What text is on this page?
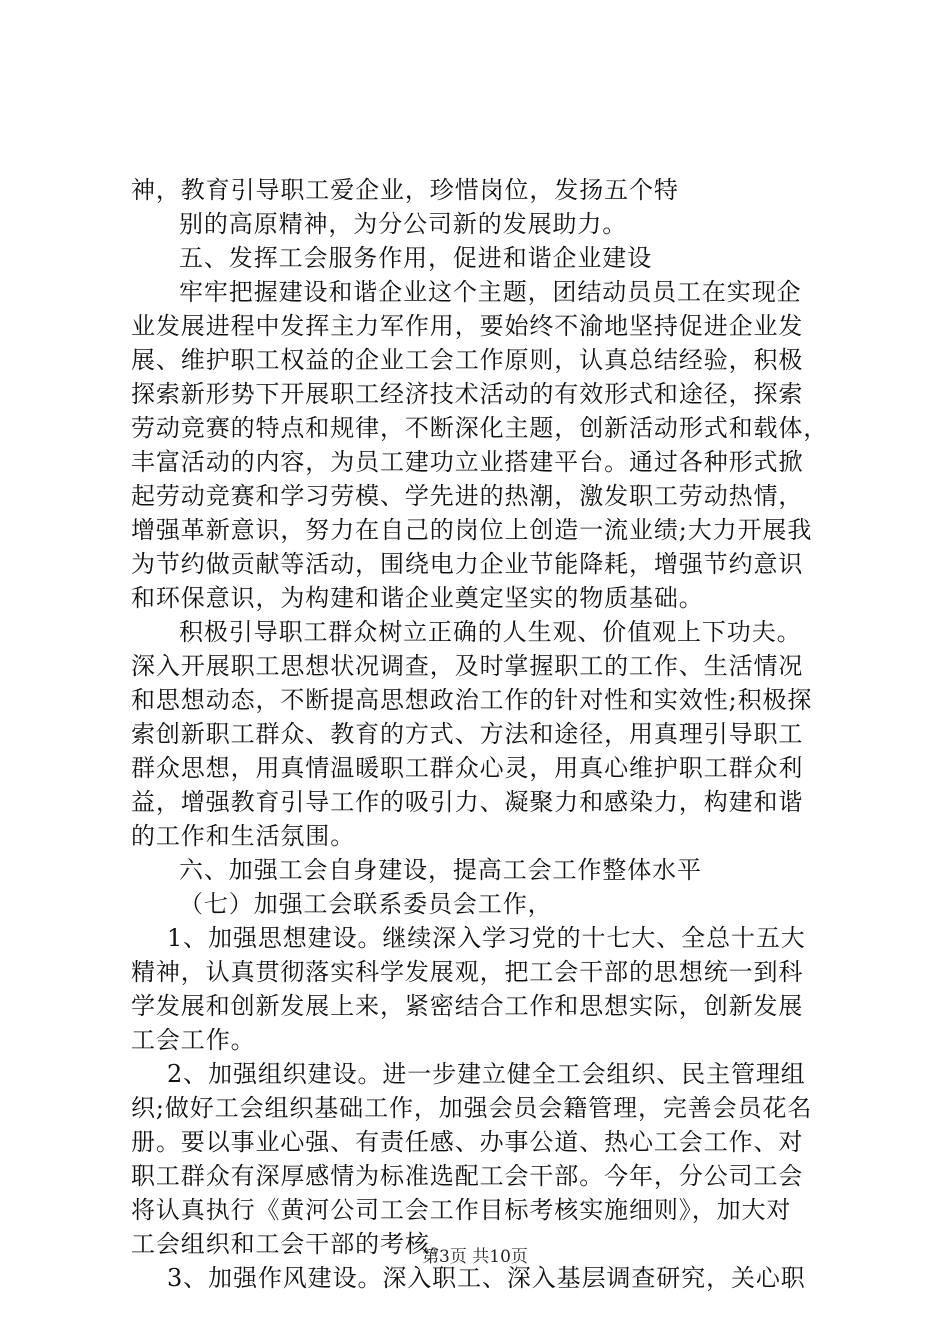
神，教育引导职工爱企业，珍惜岗位，发扬五个特
别的高原精神，为分公司新的发展助力。
五、发挥工会服务作用，促进和谐企业建设
牢牢把握建设和谐企业这个主题，团结动员员工在实现企
业发展进程中发挥主力军作用，要始终不渝地坚持促进企业发
展、维护职工权益的企业工会工作原则，认真总结经验，积极
探索新形势下开展职工经济技术活动的有效形式和途径，探索
劳动竞赛的特点和规律，不断深化主题，创新活动形式和载体，
丰富活动的内容，为员工建功立业搭建平台。通过各种形式掀
起劳动竞赛和学习劳模、学先进的热潮，激发职工劳动热情，
增强革新意识，努力在自己的岗位上创造一流业绩;大力开展我
为节约做贡献等活动，围绕电力企业节能降耗，增强节约意识
和环保意识，为构建和谐企业奠定坚实的物质基础。
积极引导职工群众树立正确的人生观、价值观上下功夫。
深入开展职工思想状况调查，及时掌握职工的工作、生活情况
和思想动态，不断提高思想政治工作的针对性和实效性;积极探
索创新职工群众、教育的方式、方法和途径，用真理引导职工
群众思想，用真情温暖职工群众心灵，用真心维护职工群众利
益，增强教育引导工作的吸引力、凝聚力和感染力，构建和谐
的工作和生活氛围。
六、加强工会自身建设，提高工会工作整体水平
（七）加强工会联系委员会工作，
1、加强思想建设。继续深入学习党的十七大、全总十五大
精神，认真贯彻落实科学发展观，把工会干部的思想统一到科
学发展和创新发展上来，紧密结合工作和思想实际，创新发展
工会工作。
2、加强组织建设。进一步建立健全工会组织、民主管理组
织;做好工会组织基础工作，加强会员会籍管理，完善会员花名
册。要以事业心强、有责任感、办事公道、热心工会工作、对
职工群众有深厚感情为标准选配工会干部。今年，分公司工会
将认真执行《黄河公司工会工作目标考核实施细则》，加大对
工会组织和工会干部的考核。
3、加强作风建设。深入职工、深入基层调查研究，关心职
第3页 共10页
